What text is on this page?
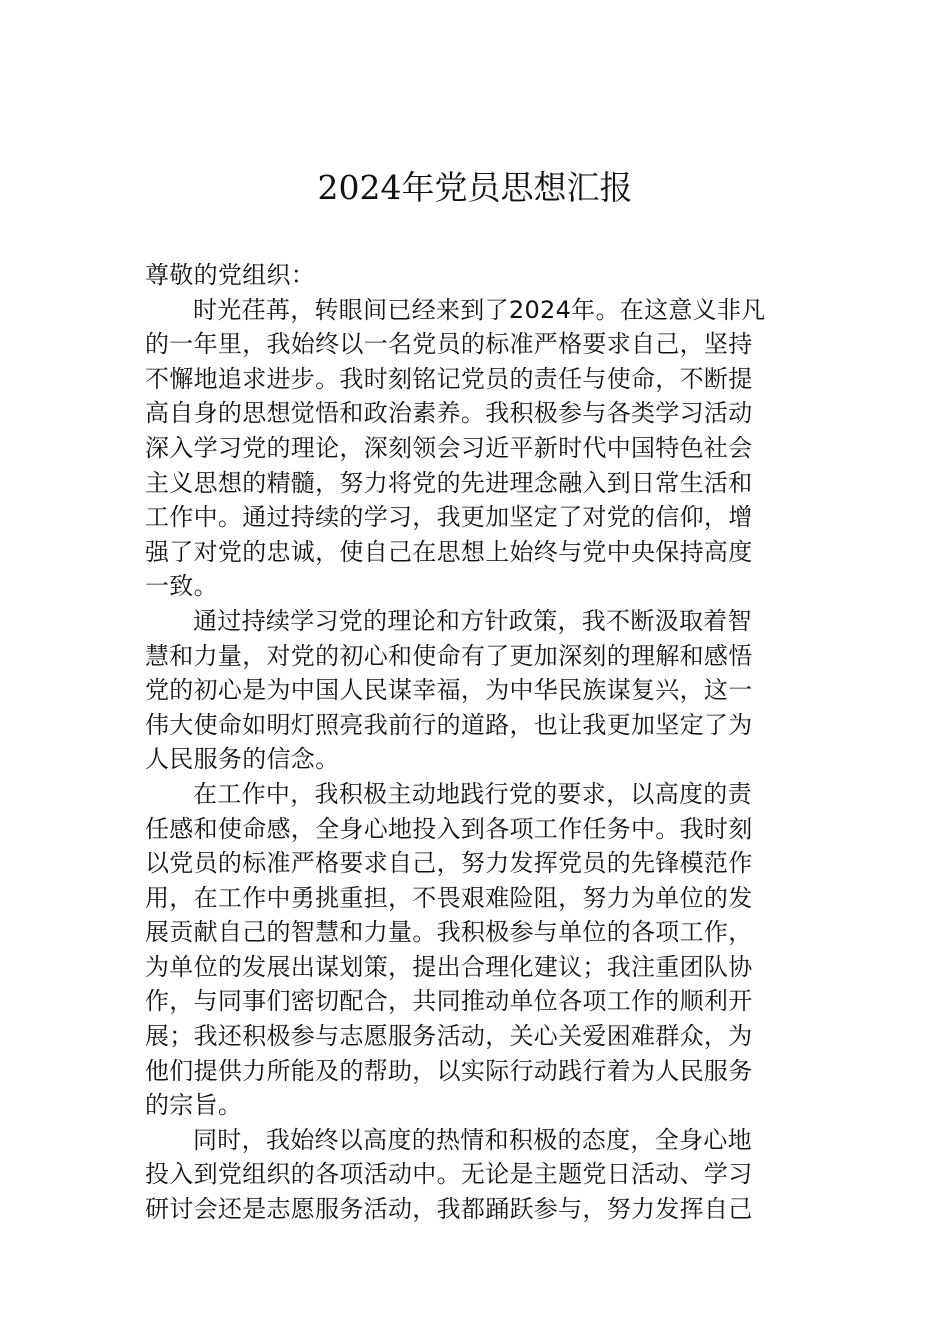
2024年党员思想汇报
尊敬的党组织：
时光荏苒，转眼间已经来到了2024年。在这意义非凡
的一年里，我始终以一名党员的标准严格要求自己，坚持
不懈地追求进步。我时刻铭记党员的责任与使命，不断提
高自身的思想觉悟和政治素养。我积极参与各类学习活动
深入学习党的理论，深刻领会习近平新时代中国特色社会
主义思想的精髓，努力将党的先进理念融入到日常生活和
工作中。通过持续的学习，我更加坚定了对党的信仰，增
强了对党的忠诚，使自己在思想上始终与党中央保持高度
一致。
通过持续学习党的理论和方针政策，我不断汲取着智
慧和力量，对党的初心和使命有了更加深刻的理解和感悟
党的初心是为中国人民谋幸福，为中华民族谋复兴，这一
伟大使命如明灯照亮我前行的道路，也让我更加坚定了为
人民服务的信念。
在工作中，我积极主动地践行党的要求，以高度的责
任感和使命感，全身心地投入到各项工作任务中。我时刻
以党员的标准严格要求自己，努力发挥党员的先锋模范作
用，在工作中勇挑重担，不畏艰难险阻，努力为单位的发
展贡献自己的智慧和力量。我积极参与单位的各项工作，
为单位的发展出谋划策，提出合理化建议；我注重团队协
作，与同事们密切配合，共同推动单位各项工作的顺利开
展；我还积极参与志愿服务活动，关心关爱困难群众，为
他们提供力所能及的帮助，以实际行动践行着为人民服务
的宗旨。
同时，我始终以高度的热情和积极的态度，全身心地
投入到党组织的各项活动中。无论是主题党日活动、学习
研讨会还是志愿服务活动，我都踊跃参与，努力发挥自己
